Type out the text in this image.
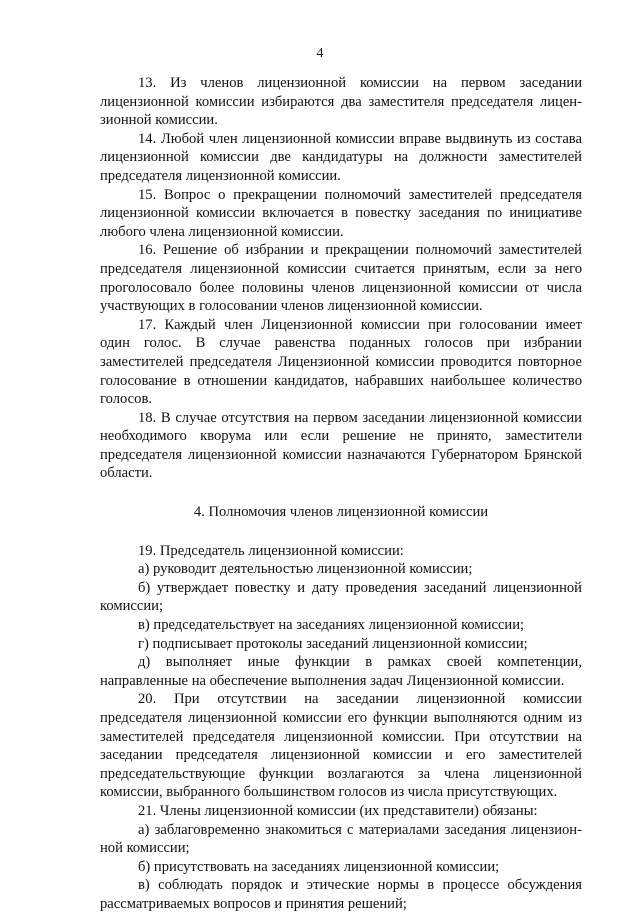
4

13. Из членов лицензионной комиссии на первом заседании лицензионной комиссии избираются два заместителя председателя лицензионной комиссии.

14. Любой член лицензионной комиссии вправе выдвинуть из состава лицензионной комиссии две кандидатуры на должности заместителей председателя лицензионной комиссии.

15. Вопрос о прекращении полномочий заместителей председателя лицензионной комиссии включается в повестку заседания по инициативе любого члена лицензионной комиссии.

16. Решение об избрании и прекращении полномочий заместителей председателя лицензионной комиссии считается принятым, если за него проголосовало более половины членов лицензионной комиссии от числа участвующих в голосовании членов лицензионной комиссии.

17. Каждый член Лицензионной комиссии при голосовании имеет один голос. В случае равенства поданных голосов при избрании заместителей председателя Лицензионной комиссии проводится повторное голосование в отношении кандидатов, набравших наибольшее количество голосов.

18. В случае отсутствия на первом заседании лицензионной комиссии необходимого кворума или если решение не принято, заместители председателя лицензионной комиссии назначаются Губернатором Брянской области.

4. Полномочия членов лицензионной комиссии

19. Председатель лицензионной комиссии:

а) руководит деятельностью лицензионной комиссии;

б) утверждает повестку и дату проведения заседаний лицензионной комиссии;

в) председательствует на заседаниях лицензионной комиссии;

г) подписывает протоколы заседаний лицензионной комиссии;

д) выполняет иные функции в рамках своей компетенции, направленные на обеспечение выполнения задач Лицензионной комиссии.

20. При отсутствии на заседании лицензионной комиссии председателя лицензионной комиссии его функции выполняются одним из заместителей председателя лицензионной комиссии. При отсутствии на заседании председателя лицензионной комиссии и его заместителей председательствующие функции возлагаются за члена лицензионной комиссии, выбранного большинством голосов из числа присутствующих.

21. Члены лицензионной комиссии (их представители) обязаны:

а) заблаговременно знакомиться с материалами заседания лицензионной комиссии;

б) присутствовать на заседаниях лицензионной комиссии;

в) соблюдать порядок и этические нормы в процессе обсуждения рассматриваемых вопросов и принятия решений;
